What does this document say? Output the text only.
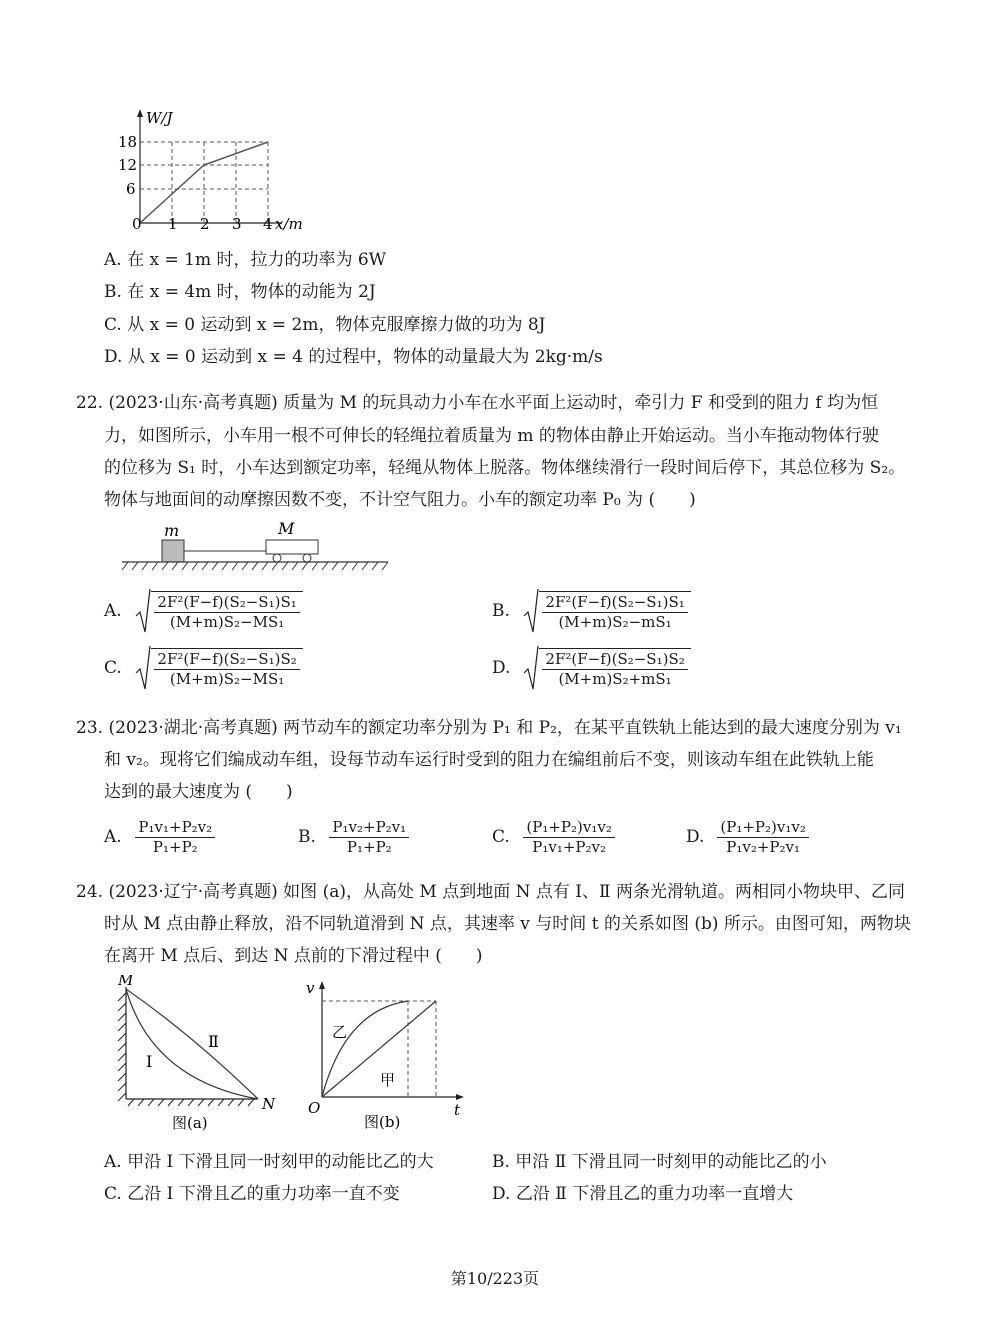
W/J
18
12
6
0 1 2 3 4 x/m
A. 在 x = 1m 时，拉力的功率为 6W
B. 在 x = 4m 时，物体的动能为 2J
C. 从 x = 0 运动到 x = 2m，物体克服摩擦力做的功为 8J
D. 从 x = 0 运动到 x = 4 的过程中，物体的动量最大为 2kg·m/s
22. (2023·山东·高考真题) 质量为 M 的玩具动力小车在水平面上运动时，牵引力 F 和受到的阻力 f 均为恒
力，如图所示，小车用一根不可伸长的轻绳拉着质量为 m 的物体由静止开始运动。当小车拖动物体行驶
的位移为 S₁ 时，小车达到额定功率，轻绳从物体上脱落。物体继续滑行一段时间后停下，其总位移为 S₂。
物体与地面间的动摩擦因数不变，不计空气阻力。小车的额定功率 P₀ 为 (　　)
m	M
A. $\frac{\text{2F²(F−f)(S₂−S₁)S₁}}{\text{(M+m)S₂−MS₁}}$	B. $\frac{\text{2F²(F−f)(S₂−S₁)S₁}}{\text{(M+m)S₂−mS₁}}$
C. $\frac{\text{2F²(F−f)(S₂−S₁)S₂}}{\text{(M+m)S₂−MS₁}}$	D. $\frac{\text{2F²(F−f)(S₂−S₁)S₂}}{\text{(M+m)S₂+mS₁}}$
23. (2023·湖北·高考真题) 两节动车的额定功率分别为 P₁ 和 P₂，在某平直铁轨上能达到的最大速度分别为 v₁
和 v₂。现将它们编成动车组，设每节动车运行时受到的阻力在编组前后不变，则该动车组在此铁轨上能
达到的最大速度为 (　　)
A. $\frac{\text{P₁v₁+P₂v₂}}{\text{P₁+P₂}}$	B. $\frac{\text{P₁v₂+P₂v₁}}{\text{P₁+P₂}}$	C. $\frac{\text{(P₁+P₂)v₁v₂}}{\text{P₁v₁+P₂v₂}}$	D. $\frac{\text{(P₁+P₂)v₁v₂}}{\text{P₁v₂+P₂v₁}}$
24. (2023·辽宁·高考真题) 如图 (a)，从高处 M 点到地面 N 点有 Ⅰ、Ⅱ 两条光滑轨道。两相同小物块甲、乙同
时从 M 点由静止释放，沿不同轨道滑到 N 点，其速率 v 与时间 t 的关系如图 (b) 所示。由图可知，两物块
在离开 M 点后、到达 N 点前的下滑过程中 (　　)
M
N
Ⅰ
Ⅱ
图(a)
v
t
O
乙
甲
图(b)
A. 甲沿 Ⅰ 下滑且同一时刻甲的动能比乙的大	B. 甲沿 Ⅱ 下滑且同一时刻甲的动能比乙的小
C. 乙沿 Ⅰ 下滑且乙的重力功率一直不变	D. 乙沿 Ⅱ 下滑且乙的重力功率一直增大
第10/223页
